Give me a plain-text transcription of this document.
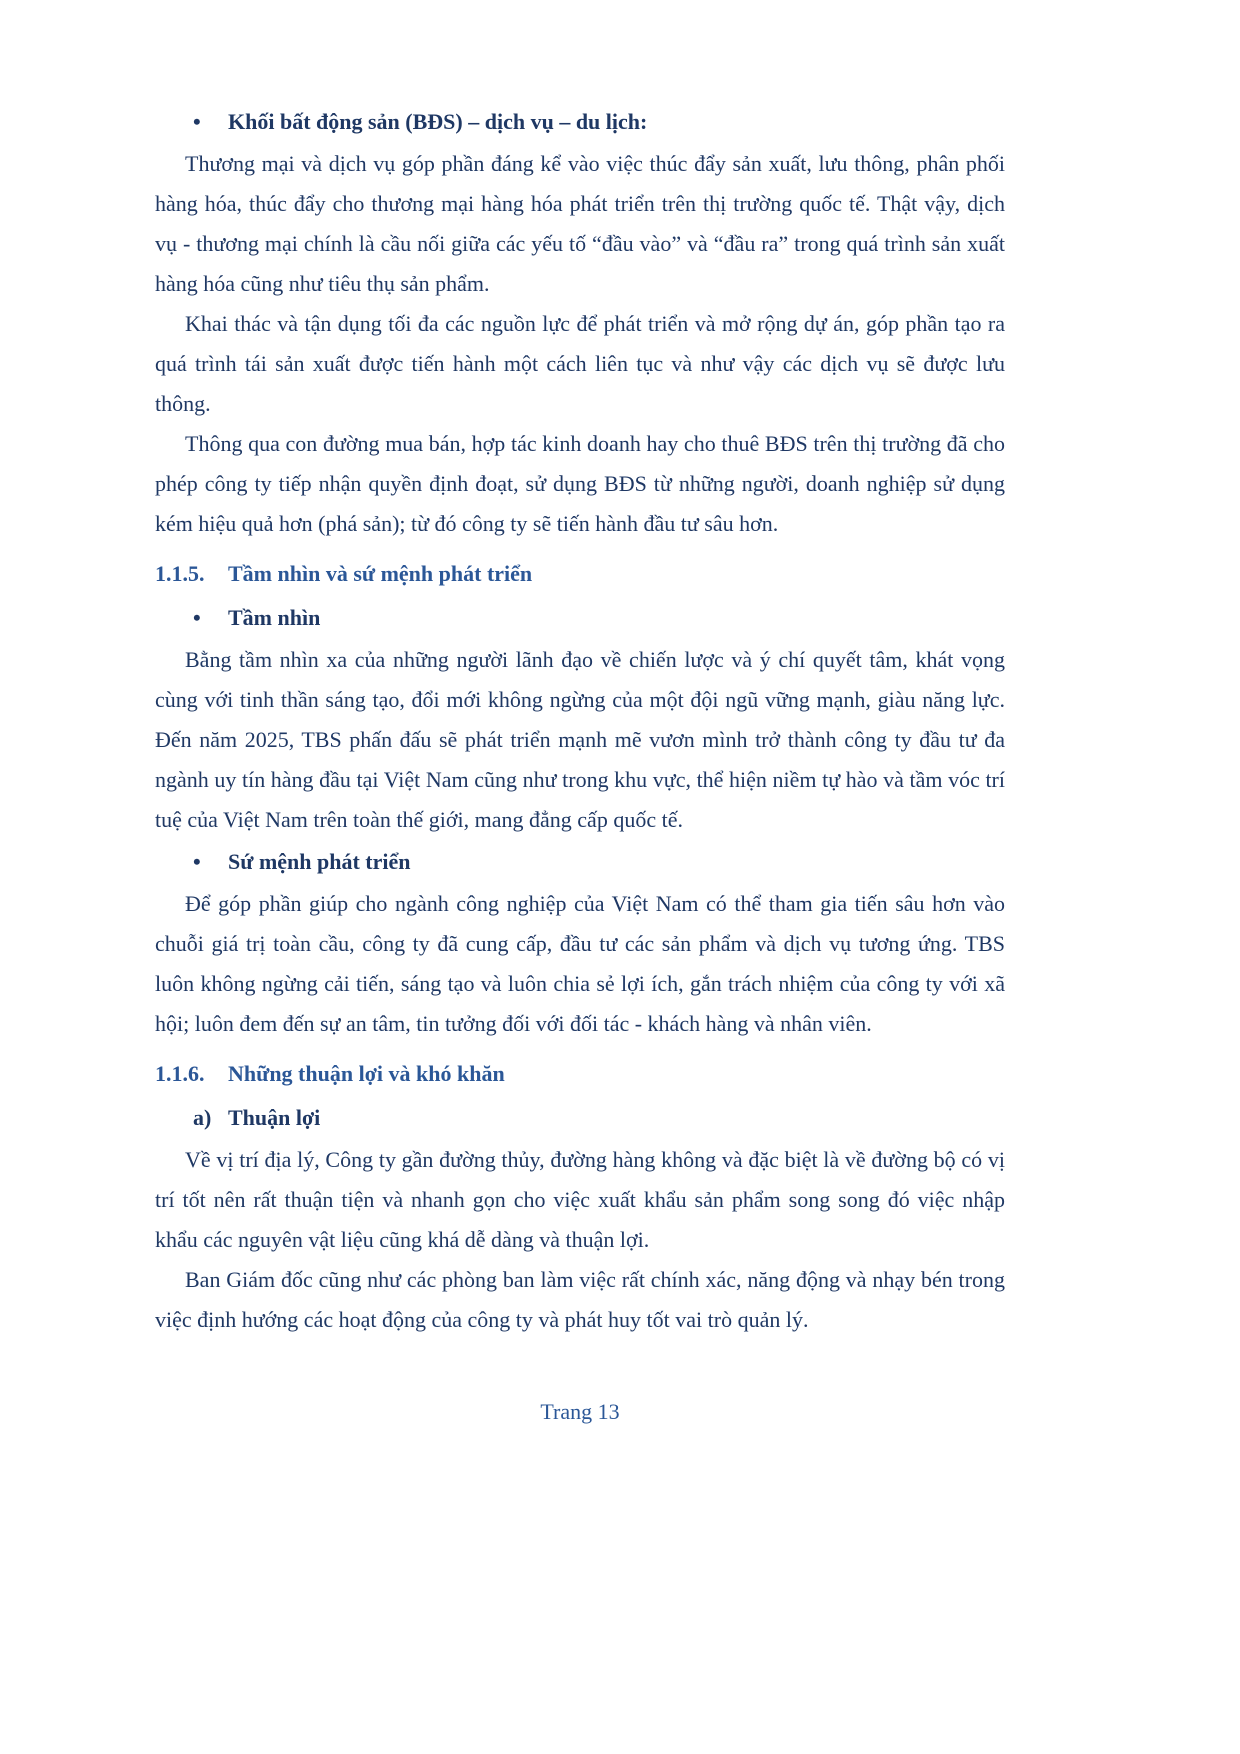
• Khối bất động sản (BĐS) – dịch vụ – du lịch:

Thương mại và dịch vụ góp phần đáng kể vào việc thúc đẩy sản xuất, lưu thông, phân phối hàng hóa, thúc đẩy cho thương mại hàng hóa phát triển trên thị trường quốc tế. Thật vậy, dịch vụ - thương mại chính là cầu nối giữa các yếu tố “đầu vào” và “đầu ra” trong quá trình sản xuất hàng hóa cũng như tiêu thụ sản phẩm.

Khai thác và tận dụng tối đa các nguồn lực để phát triển và mở rộng dự án, góp phần tạo ra quá trình tái sản xuất được tiến hành một cách liên tục và như vậy các dịch vụ sẽ được lưu thông.

Thông qua con đường mua bán, hợp tác kinh doanh hay cho thuê BĐS trên thị trường đã cho phép công ty tiếp nhận quyền định đoạt, sử dụng BĐS từ những người, doanh nghiệp sử dụng kém hiệu quả hơn (phá sản); từ đó công ty sẽ tiến hành đầu tư sâu hơn.

1.1.5. Tầm nhìn và sứ mệnh phát triển
• Tầm nhìn

Bằng tầm nhìn xa của những người lãnh đạo về chiến lược và ý chí quyết tâm, khát vọng cùng với tinh thần sáng tạo, đổi mới không ngừng của một đội ngũ vững mạnh, giàu năng lực. Đến năm 2025, TBS phấn đấu sẽ phát triển mạnh mẽ vươn mình trở thành công ty đầu tư đa ngành uy tín hàng đầu tại Việt Nam cũng như trong khu vực, thể hiện niềm tự hào và tầm vóc trí tuệ của Việt Nam trên toàn thế giới, mang đẳng cấp quốc tế.

• Sứ mệnh phát triển

Để góp phần giúp cho ngành công nghiệp của Việt Nam có thể tham gia tiến sâu hơn vào chuỗi giá trị toàn cầu, công ty đã cung cấp, đầu tư các sản phẩm và dịch vụ tương ứng. TBS luôn không ngừng cải tiến, sáng tạo và luôn chia sẻ lợi ích, gắn trách nhiệm của công ty với xã hội; luôn đem đến sự an tâm, tin tưởng đối với đối tác - khách hàng và nhân viên.

1.1.6. Những thuận lợi và khó khăn
a) Thuận lợi

Về vị trí địa lý, Công ty gần đường thủy, đường hàng không và đặc biệt là về đường bộ có vị trí tốt nên rất thuận tiện và nhanh gọn cho việc xuất khẩu sản phẩm song song đó việc nhập khẩu các nguyên vật liệu cũng khá dễ dàng và thuận lợi.

Ban Giám đốc cũng như các phòng ban làm việc rất chính xác, năng động và nhạy bén trong việc định hướng các hoạt động của công ty và phát huy tốt vai trò quản lý.

Trang 13
